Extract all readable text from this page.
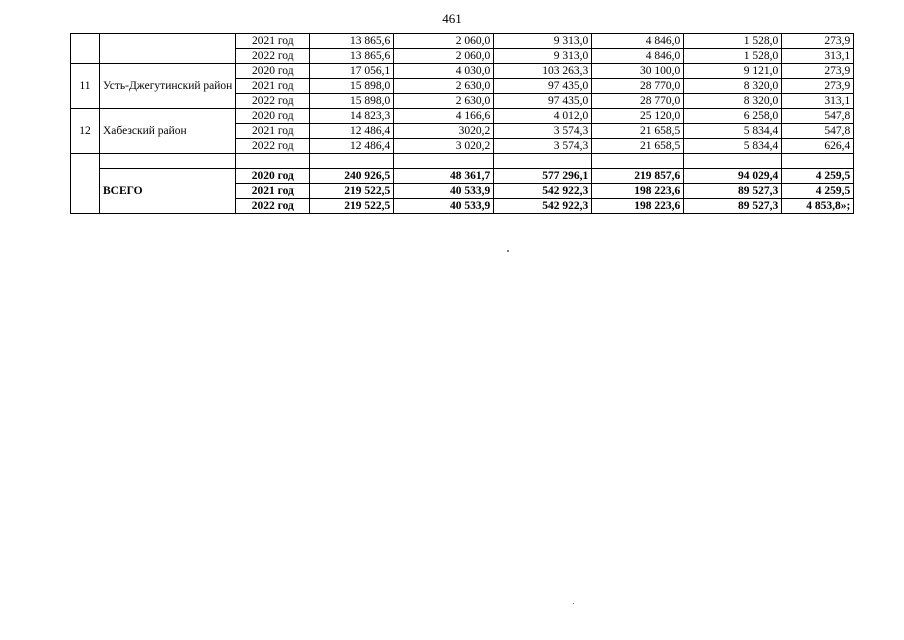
461
		2021 год	13 865,6	2 060,0	9 313,0	4 846,0	1 528,0	273,9
		2022 год	13 865,6	2 060,0	9 313,0	4 846,0	1 528,0	313,1
11	Усть-Джегутинский район	2020 год	17 056,1	4 030,0	103 263,3	30 100,0	9 121,0	273,9
		2021 год	15 898,0	2 630,0	97 435,0	28 770,0	8 320,0	273,9
		2022 год	15 898,0	2 630,0	97 435,0	28 770,0	8 320,0	313,1
12	Хабезский район	2020 год	14 823,3	4 166,6	4 012,0	25 120,0	6 258,0	547,8
		2021 год	12 486,4	3020,2	3 574,3	21 658,5	5 834,4	547,8
		2022 год	12 486,4	3 020,2	3 574,3	21 658,5	5 834,4	626,4

	ВСЕГО	2020 год	240 926,5	48 361,7	577 296,1	219 857,6	94 029,4	4 259,5
		2021 год	219 522,5	40 533,9	542 922,3	198 223,6	89 527,3	4 259,5
		2022 год	219 522,5	40 533,9	542 922,3	198 223,6	89 527,3	4 853,8»;
